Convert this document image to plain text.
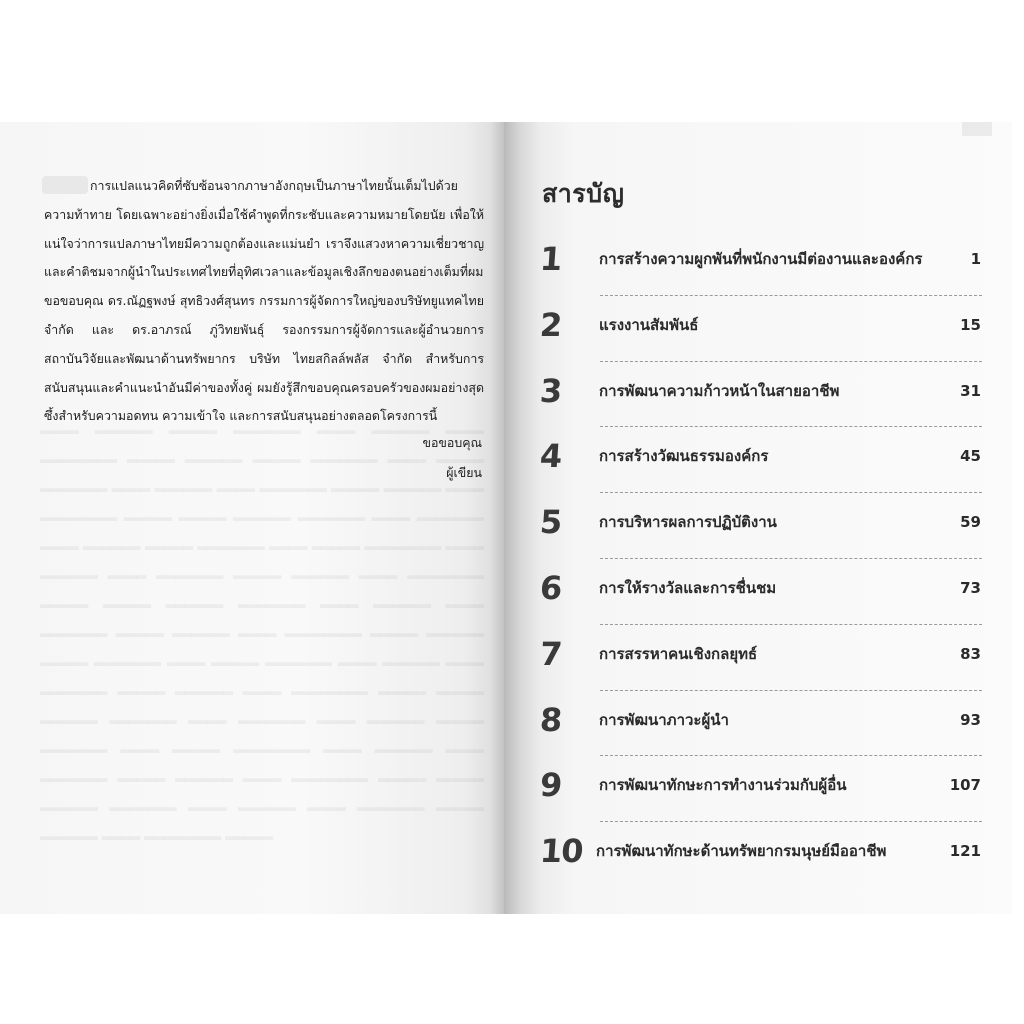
▂▂▂▂ ▂▂▂▂▂▂ ▂▂▂▂▂ ▂▂▂▂▂▂▂ ▂▂▂▂ ▂▂▂▂▂▂ ▂▂▂▂ ▂▂▂▂▂▂▂▂ ▂▂▂▂▂ ▂▂▂▂▂▂ ▂▂▂▂▂ ▂▂▂▂▂▂▂ ▂▂▂▂ ▂▂▂▂▂ ▂▂▂▂▂▂▂ ▂▂▂▂ ▂▂▂▂▂▂ ▂▂▂▂ ▂▂▂▂▂▂▂ ▂▂▂▂▂ ▂▂▂▂▂▂ ▂▂▂▂ ▂▂▂▂▂▂▂▂ ▂▂▂▂▂ ▂▂▂▂▂ ▂▂▂▂▂▂ ▂▂▂▂▂▂▂ ▂▂▂▂ ▂▂▂▂▂▂▂ ▂▂▂▂ ▂▂▂▂▂▂ ▂▂▂▂▂ ▂▂▂▂▂▂▂ ▂▂▂▂ ▂▂▂▂▂ ▂▂▂▂▂▂▂▂ ▂▂▂▂ ▂▂▂▂▂▂ ▂▂▂▂ ▂▂▂▂▂▂▂ ▂▂▂▂▂ ▂▂▂▂▂▂ ▂▂▂▂ ▂▂▂▂▂▂▂▂ ▂▂▂▂▂ ▂▂▂▂▂ ▂▂▂▂▂▂ ▂▂▂▂▂▂▂ ▂▂▂▂ ▂▂▂▂▂▂ ▂▂▂▂ ▂▂▂▂▂▂▂ ▂▂▂▂▂ ▂▂▂▂▂▂ ▂▂▂▂ ▂▂▂▂▂▂▂▂ ▂▂▂▂▂ ▂▂▂▂▂▂ ▂▂▂▂▂ ▂▂▂▂▂▂▂ ▂▂▂▂ ▂▂▂▂▂ ▂▂▂▂▂▂▂ ▂▂▂▂ ▂▂▂▂▂▂ ▂▂▂▂ ▂▂▂▂▂▂▂ ▂▂▂▂▂ ▂▂▂▂▂▂ ▂▂▂▂ ▂▂▂▂▂▂▂▂ ▂▂▂▂▂ ▂▂▂▂▂ ▂▂▂▂▂▂ ▂▂▂▂▂▂▂ ▂▂▂▂ ▂▂▂▂▂▂▂ ▂▂▂▂ ▂▂▂▂▂▂ ▂▂▂▂▂ ▂▂▂▂▂▂▂ ▂▂▂▂ ▂▂▂▂▂ ▂▂▂▂▂▂▂▂ ▂▂▂▂ ▂▂▂▂▂▂ ▂▂▂▂ ▂▂▂▂▂▂▂ ▂▂▂▂▂ ▂▂▂▂▂▂ ▂▂▂▂ ▂▂▂▂▂▂▂▂ ▂▂▂▂▂ ▂▂▂▂▂ ▂▂▂▂▂▂ ▂▂▂▂▂▂▂ ▂▂▂▂ ▂▂▂▂▂▂ ▂▂▂▂ ▂▂▂▂▂▂▂ ▂▂▂▂▂ ▂▂▂▂▂▂ ▂▂▂▂ ▂▂▂▂▂▂▂▂ ▂▂▂▂▂

การแปลแนวคิดที่ซับซ้อนจากภาษาอังกฤษเป็นภาษาไทยนั้นเต็มไปด้วยความท้าทาย โดยเฉพาะอย่างยิ่งเมื่อใช้คำพูดที่กระชับและความหมายโดยนัย เพื่อให้แน่ใจว่าการแปลภาษาไทยมีความถูกต้องและแม่นยำ เราจึงแสวงหาความเชี่ยวชาญและคำติชมจากผู้นำในประเทศไทยที่อุทิศเวลาและข้อมูลเชิงลึกของตนอย่างเต็มที่ผมขอขอบคุณ ดร.ณัฏฐพงษ์ สุทธิวงศ์สุนทร กรรมการผู้จัดการใหญ่ของบริษัทยูแทคไทย จำกัด และ ดร.อาภรณ์ ภู่วิทยพันธุ์ รองกรรมการผู้จัดการและผู้อำนวยการสถาบันวิจัยและพัฒนาด้านทรัพยากร บริษัท ไทยสกิลล์พลัส จำกัด สำหรับการสนับสนุนและคำแนะนำอันมีค่าของทั้งคู่ ผมยังรู้สึกขอบคุณครอบครัวของผมอย่างสุดซึ้งสำหรับความอดทน ความเข้าใจ และการสนับสนุนอย่างตลอดโครงการนี้

ขอขอบคุณ

ผู้เขียน

สารบัญ
1	การสร้างความผูกพันที่พนักงานมีต่องานและองค์กร	1
2	แรงงานสัมพันธ์	15
3	การพัฒนาความก้าวหน้าในสายอาชีพ	31
4	การสร้างวัฒนธรรมองค์กร	45
5	การบริหารผลการปฏิบัติงาน	59
6	การให้รางวัลและการชื่นชม	73
7	การสรรหาคนเชิงกลยุทธ์	83
8	การพัฒนาภาวะผู้นำ	93
9	การพัฒนาทักษะการทำงานร่วมกับผู้อื่น	107
10 การพัฒนาทักษะด้านทรัพยากรมนุษย์มืออาชีพ	121
